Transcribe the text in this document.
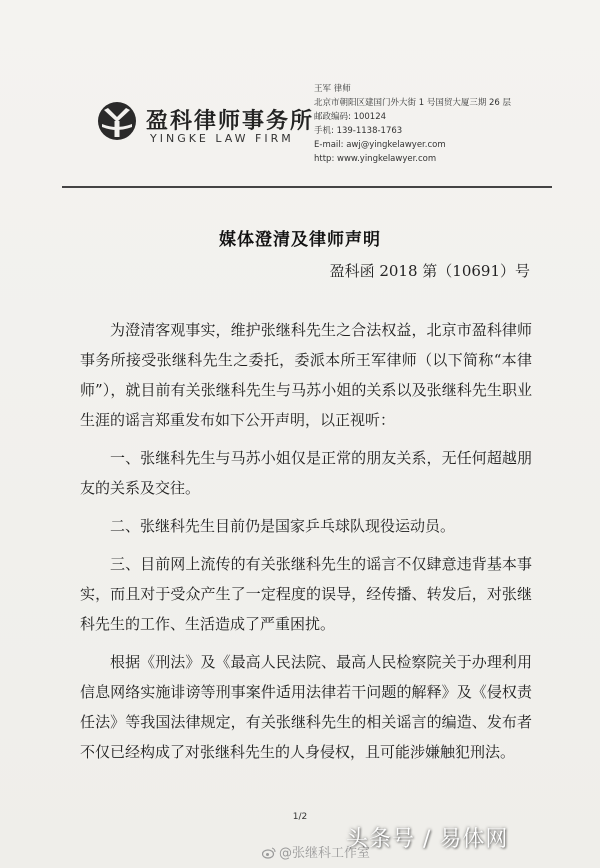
盈科律师事务所
YINGKE LAW FIRM
王军 律师
北京市朝阳区建国门外大街 1 号国贸大厦三期 26 层
邮政编码: 100124
手机: 139-1138-1763
E-mail: awj@yingkelawyer.com
http: www.yingkelawyer.com
媒体澄清及律师声明
盈科函 2018 第（10691）号

为澄清客观事实，维护张继科先生之合法权益，北京市盈科律师事务所接受张继科先生之委托，委派本所王军律师（以下简称“本律师”），就目前有关张继科先生与马苏小姐的关系以及张继科先生职业生涯的谣言郑重发布如下公开声明，以正视听：

一、张继科先生与马苏小姐仅是正常的朋友关系，无任何超越朋友的关系及交往。

二、张继科先生目前仍是国家乒乓球队现役运动员。

三、目前网上流传的有关张继科先生的谣言不仅肆意违背基本事实，而且对于受众产生了一定程度的误导，经传播、转发后，对张继科先生的工作、生活造成了严重困扰。

根据《刑法》及《最高人民法院、最高人民检察院关于办理利用信息网络实施诽谤等刑事案件适用法律若干问题的解释》及《侵权责任法》等我国法律规定，有关张继科先生的相关谣言的编造、发布者不仅已经构成了对张继科先生的人身侵权，且可能涉嫌触犯刑法。

1/2
@张继科工作室
头条号 / 易体网
